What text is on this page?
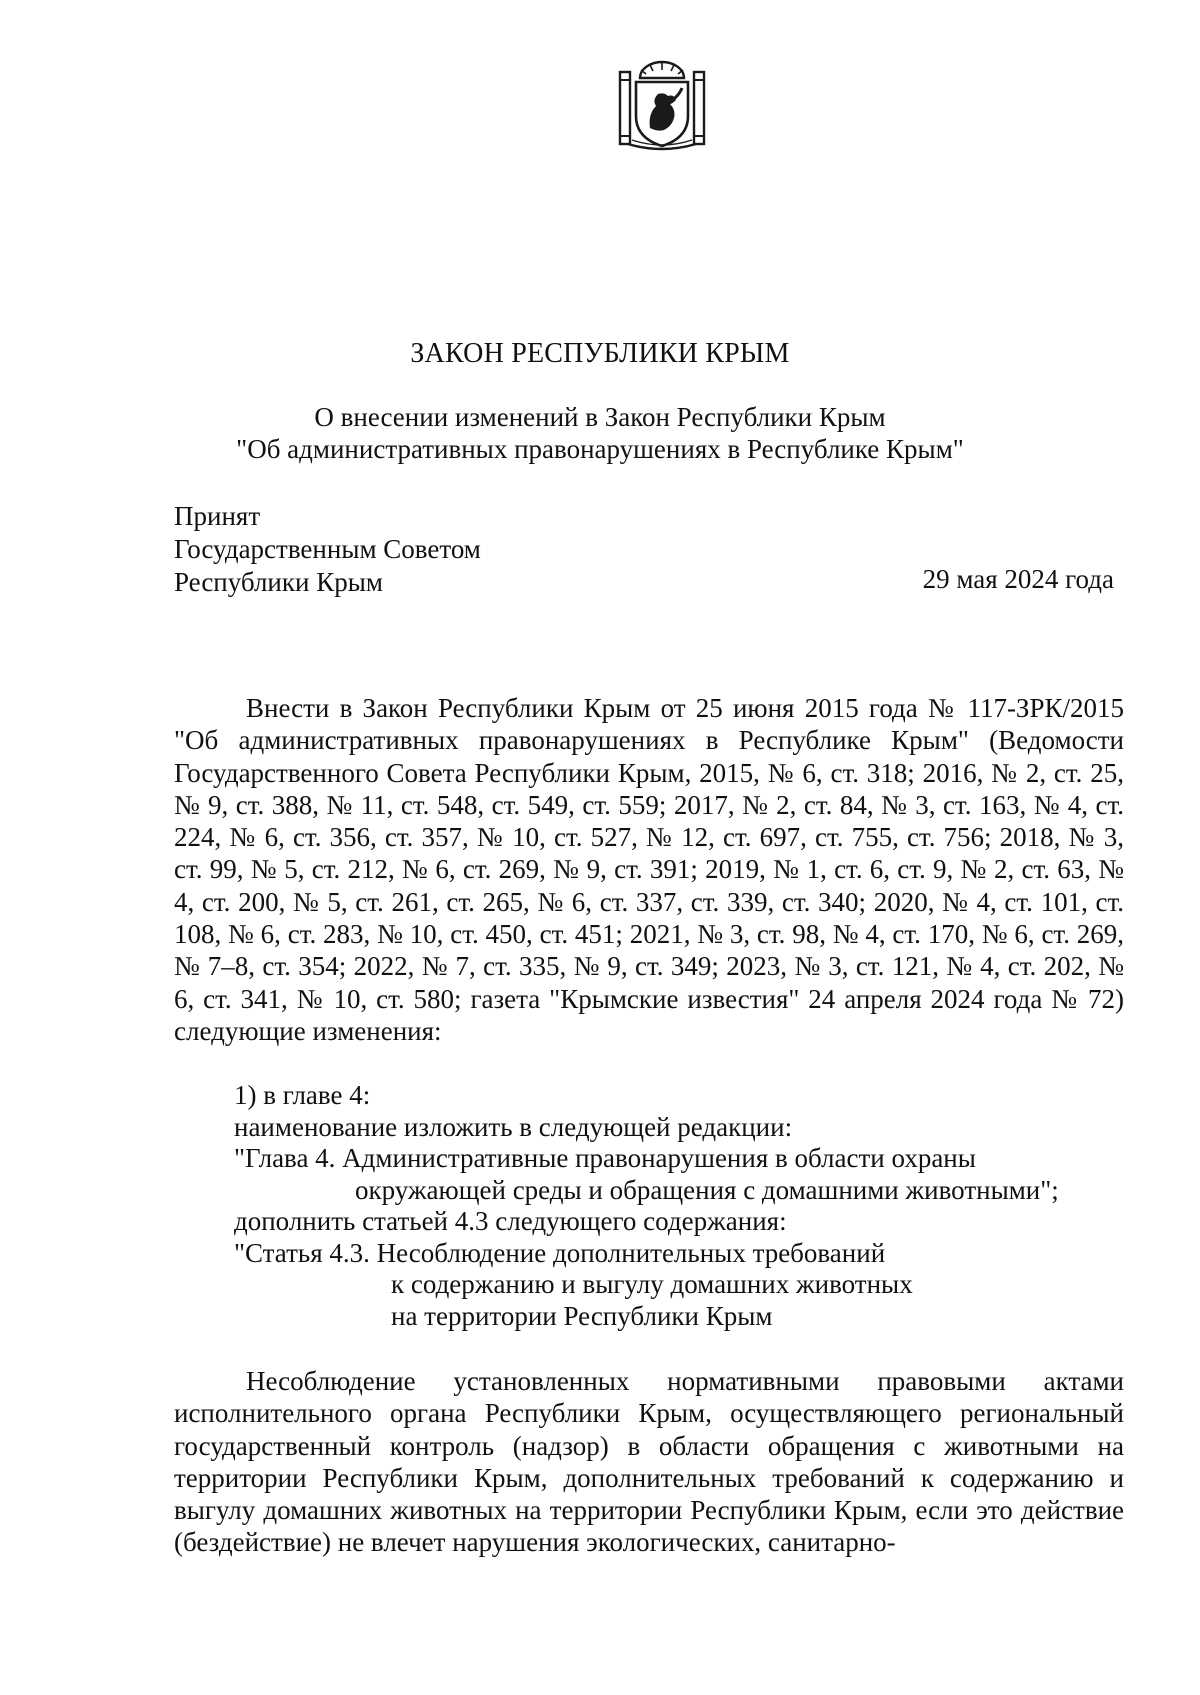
ЗАКОН РЕСПУБЛИКИ КРЫМ
О внесении изменений в Закон Республики Крым
"Об административных правонарушениях в Республике Крым"
Принят
Государственным Советом
Республики Крым	29 мая 2024 года
Внести в Закон Республики Крым от 25 июня 2015 года № 117-ЗРК/2015 "Об административных правонарушениях в Республике Крым" (Ведомости Государственного Совета Республики Крым, 2015, № 6, ст. 318; 2016, № 2, ст. 25, № 9, ст. 388, № 11, ст. 548, ст. 549, ст. 559; 2017, № 2, ст. 84, № 3, ст. 163, № 4, ст. 224, № 6, ст. 356, ст. 357, № 10, ст. 527, № 12, ст. 697, ст. 755, ст. 756; 2018, № 3, ст. 99, № 5, ст. 212, № 6, ст. 269, № 9, ст. 391; 2019, № 1, ст. 6, ст. 9, № 2, ст. 63, № 4, ст. 200, № 5, ст. 261, ст. 265, № 6, ст. 337, ст. 339, ст. 340; 2020, № 4, ст. 101, ст. 108, № 6, ст. 283, № 10, ст. 450, ст. 451; 2021, № 3, ст. 98, № 4, ст. 170, № 6, ст. 269, № 7–8, ст. 354; 2022, № 7, ст. 335, № 9, ст. 349; 2023, № 3, ст. 121, № 4, ст. 202, № 6, ст. 341, № 10, ст. 580; газета "Крымские известия" 24 апреля 2024 года № 72) следующие изменения:
1) в главе 4:
наименование изложить в следующей редакции:
"Глава 4. Административные правонарушения в области охраны
окружающей среды и обращения с домашними животными";
дополнить статьей 4.3 следующего содержания:
"Статья 4.3. Несоблюдение дополнительных требований
к содержанию и выгулу домашних животных
на территории Республики Крым
Несоблюдение установленных нормативными правовыми актами исполнительного органа Республики Крым, осуществляющего региональный государственный контроль (надзор) в области обращения с животными на территории Республики Крым, дополнительных требований к содержанию и выгулу домашних животных на территории Республики Крым, если это действие (бездействие) не влечет нарушения экологических, санитарно-
